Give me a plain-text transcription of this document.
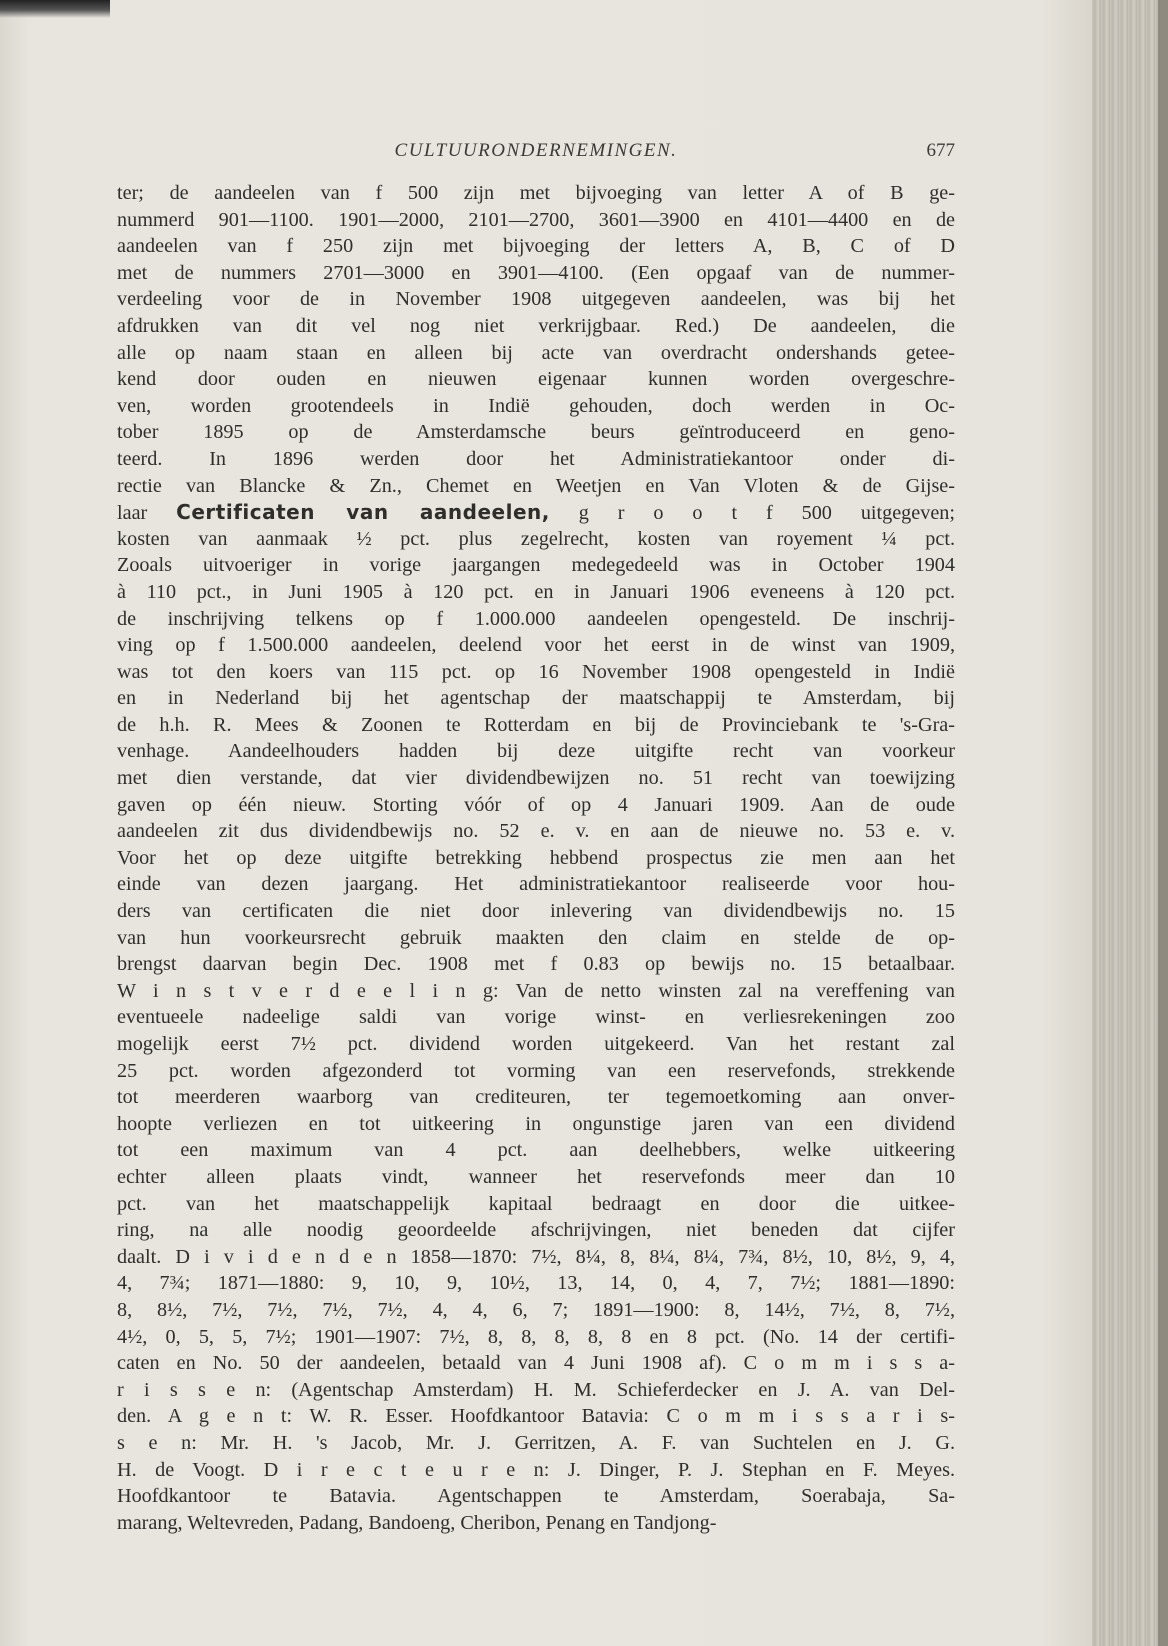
CULTUURONDERNEMINGEN.	677
ter; de aandeelen van f 500 zijn met bijvoeging van letter A of B ge-
nummerd 901—1100. 1901—2000, 2101—2700, 3601—3900 en 4101—4400 en de
aandeelen van f 250 zijn met bijvoeging der letters A, B, C of D
met de nummers 2701—3000 en 3901—4100. (Een opgaaf van de nummer-
verdeeling voor de in November 1908 uitgegeven aandeelen, was bij het
afdrukken van dit vel nog niet verkrijgbaar. Red.) De aandeelen, die
alle op naam staan en alleen bij acte van overdracht ondershands getee-
kend door ouden en nieuwen eigenaar kunnen worden overgeschre-
ven, worden grootendeels in Indië gehouden, doch werden in Oc-
tober 1895 op de Amsterdamsche beurs geïntroduceerd en geno-
teerd. In 1896 werden door het Administratiekantoor onder di-
rectie van Blancke & Zn., Chemet en Weetjen en Van Vloten & de Gijse-
laar Certificaten van aandeelen, g r o o t f 500 uitgegeven;
kosten van aanmaak ½ pct. plus zegelrecht, kosten van royement ¼ pct.
Zooals uitvoeriger in vorige jaargangen medegedeeld was in October 1904
à 110 pct., in Juni 1905 à 120 pct. en in Januari 1906 eveneens à 120 pct.
de inschrijving telkens op f 1.000.000 aandeelen opengesteld. De inschrij-
ving op f 1.500.000 aandeelen, deelend voor het eerst in de winst van 1909,
was tot den koers van 115 pct. op 16 November 1908 opengesteld in Indië
en in Nederland bij het agentschap der maatschappij te Amsterdam, bij
de h.h. R. Mees & Zoonen te Rotterdam en bij de Provinciebank te 's-Gra-
venhage. Aandeelhouders hadden bij deze uitgifte recht van voorkeur
met dien verstande, dat vier dividendbewijzen no. 51 recht van toewijzing
gaven op één nieuw. Storting vóór of op 4 Januari 1909. Aan de oude
aandeelen zit dus dividendbewijs no. 52 e. v. en aan de nieuwe no. 53 e. v.
Voor het op deze uitgifte betrekking hebbend prospectus zie men aan het
einde van dezen jaargang. Het administratiekantoor realiseerde voor hou-
ders van certificaten die niet door inlevering van dividendbewijs no. 15
van hun voorkeursrecht gebruik maakten den claim en stelde de op-
brengst daarvan begin Dec. 1908 met f 0.83 op bewijs no. 15 betaalbaar.
W i n s t v e r d e e l i n g: Van de netto winsten zal na vereffening van
eventueele nadeelige saldi van vorige winst- en verliesrekeningen zoo
mogelijk eerst 7½ pct. dividend worden uitgekeerd. Van het restant zal
25 pct. worden afgezonderd tot vorming van een reservefonds, strekkende
tot meerderen waarborg van crediteuren, ter tegemoetkoming aan onver-
hoopte verliezen en tot uitkeering in ongunstige jaren van een dividend
tot een maximum van 4 pct. aan deelhebbers, welke uitkeering
echter alleen plaats vindt, wanneer het reservefonds meer dan 10
pct. van het maatschappelijk kapitaal bedraagt en door die uitkee-
ring, na alle noodig geoordeelde afschrijvingen, niet beneden dat cijfer
daalt. D i v i d e n d e n 1858—1870: 7½, 8¼, 8, 8¼, 8¼, 7¾, 8½, 10, 8½, 9, 4,
4, 7¾; 1871—1880: 9, 10, 9, 10½, 13, 14, 0, 4, 7, 7½; 1881—1890:
8, 8½, 7½, 7½, 7½, 7½, 4, 4, 6, 7; 1891—1900: 8, 14½, 7½, 8, 7½,
4½, 0, 5, 5, 7½; 1901—1907: 7½, 8, 8, 8, 8, 8 en 8 pct. (No. 14 der certifi-
caten en No. 50 der aandeelen, betaald van 4 Juni 1908 af). C o m m i s s a-
r i s s e n: (Agentschap Amsterdam) H. M. Schieferdecker en J. A. van Del-
den. A g e n t: W. R. Esser. Hoofdkantoor Batavia: C o m m i s s a r i s-
s e n: Mr. H. 's Jacob, Mr. J. Gerritzen, A. F. van Suchtelen en J. G.
H. de Voogt. D i r e c t e u r e n: J. Dinger, P. J. Stephan en F. Meyes.
Hoofdkantoor te Batavia. Agentschappen te Amsterdam, Soerabaja, Sa-
marang, Weltevreden, Padang, Bandoeng, Cheribon, Penang en Tandjong-
